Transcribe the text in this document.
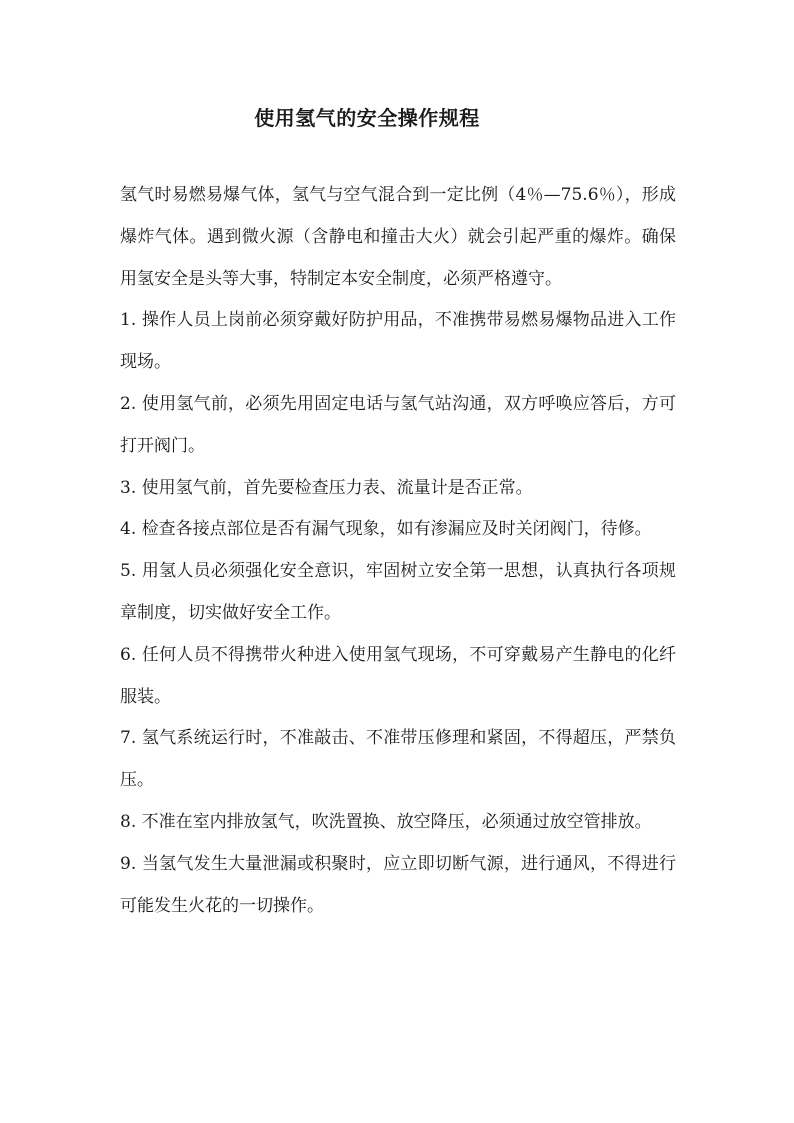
使用氢气的安全操作规程

氢气时易燃易爆气体，氢气与空气混合到一定比例（4％—75.6％），形成爆炸气体。遇到微火源（含静电和撞击大火）就会引起严重的爆炸。确保用氢安全是头等大事，特制定本安全制度，必须严格遵守。

1. 操作人员上岗前必须穿戴好防护用品，不准携带易燃易爆物品进入工作现场。

2. 使用氢气前，必须先用固定电话与氢气站沟通，双方呼唤应答后，方可打开阀门。

3. 使用氢气前，首先要检查压力表、流量计是否正常。

4. 检查各接点部位是否有漏气现象，如有渗漏应及时关闭阀门，待修。

5. 用氢人员必须强化安全意识，牢固树立安全第一思想，认真执行各项规章制度，切实做好安全工作。

6. 任何人员不得携带火种进入使用氢气现场，不可穿戴易产生静电的化纤服装。

7. 氢气系统运行时，不准敲击、不准带压修理和紧固，不得超压，严禁负压。

8. 不准在室内排放氢气，吹洗置换、放空降压，必须通过放空管排放。

9. 当氢气发生大量泄漏或积聚时，应立即切断气源，进行通风，不得进行可能发生火花的一切操作。
